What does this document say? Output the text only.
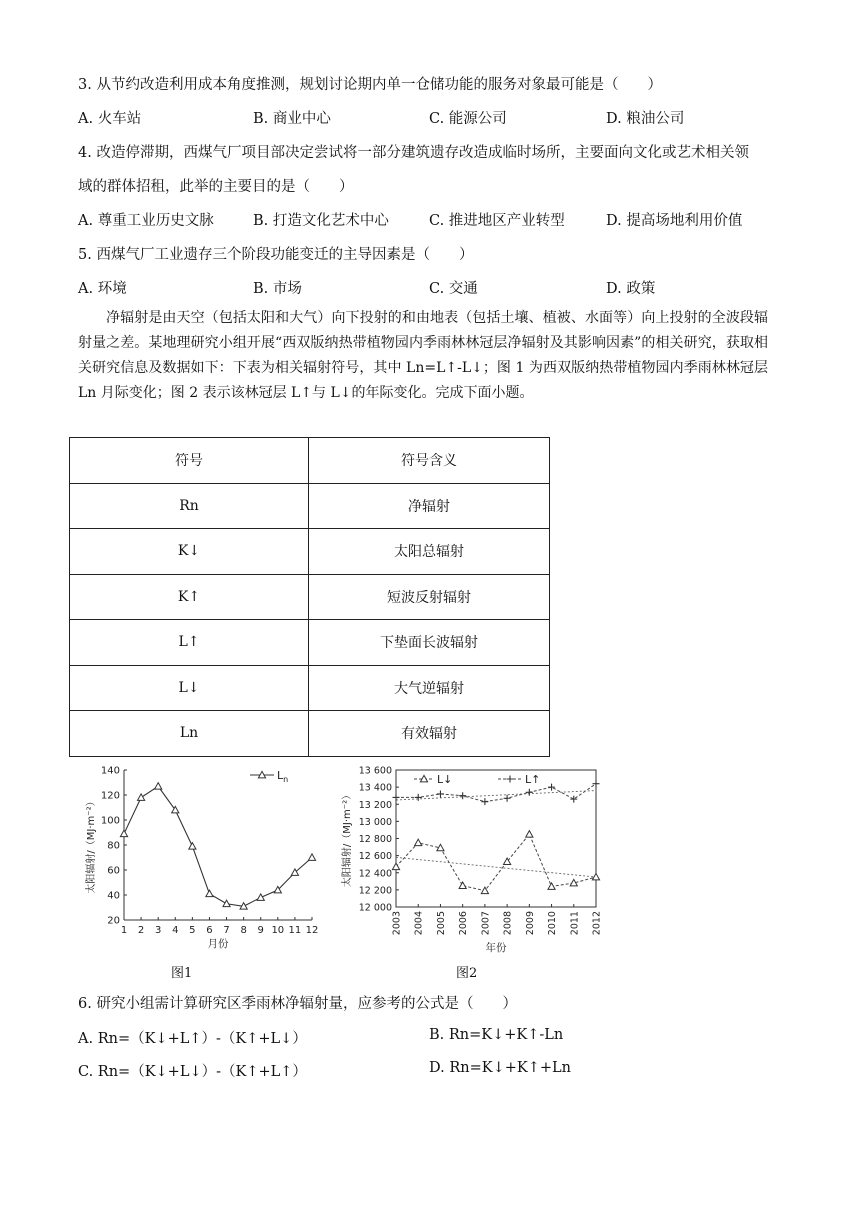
3. 从节约改造利用成本角度推测，规划讨论期内单一仓储功能的服务对象最可能是（　　）
A. 火车站	B. 商业中心	C. 能源公司	D. 粮油公司
4. 改造停滞期，西煤气厂项目部决定尝试将一部分建筑遗存改造成临时场所，主要面向文化或艺术相关领
域的群体招租，此举的主要目的是（　　）
A. 尊重工业历史文脉	B. 打造文化艺术中心	C. 推进地区产业转型	D. 提高场地利用价值
5. 西煤气厂工业遗存三个阶段功能变迁的主导因素是（　　）
A. 环境	B. 市场	C. 交通	D. 政策
净辐射是由天空（包括太阳和大气）向下投射的和由地表（包括土壤、植被、水面等）向上投射的全波段辐射量之差。某地理研究小组开展“西双版纳热带植物园内季雨林林冠层净辐射及其影响因素”的相关研究，获取相关研究信息及数据如下：下表为相关辐射符号，其中 Ln=L↑-L↓；图 1 为西双版纳热带植物园内季雨林林冠层 Ln 月际变化；图 2 表示该林冠层 L↑与 L↓的年际变化。完成下面小题。
符号	符号含义
Rn	净辐射
K↓	太阳总辐射
K↑	短波反射辐射
L↑	下垫面长波辐射
L↓	大气逆辐射
Ln	有效辐射
20
40
60
80
100
120
140
1 2 3 4 5 6 7 8 9 10 11 12
月份
太阳辐射/（MJ·m⁻²）
$L_n$
图1
12 000
12 200
12 400
12 600
12 800
13 000
13 200
13 400
13 600
2003 2004 2005 2006 2007 2008 2009 2010 2011 2012
年份
太阳辐射/（MJ·m⁻²）
L↓	L↑
图2
6. 研究小组需计算研究区季雨林净辐射量，应参考的公式是（　　）
A. Rn=（K↓+L↑）-（K↑+L↓）	B. Rn=K↓+K↑-Ln
C. Rn=（K↓+L↓）-（K↑+L↑）	D. Rn=K↓+K↑+Ln
